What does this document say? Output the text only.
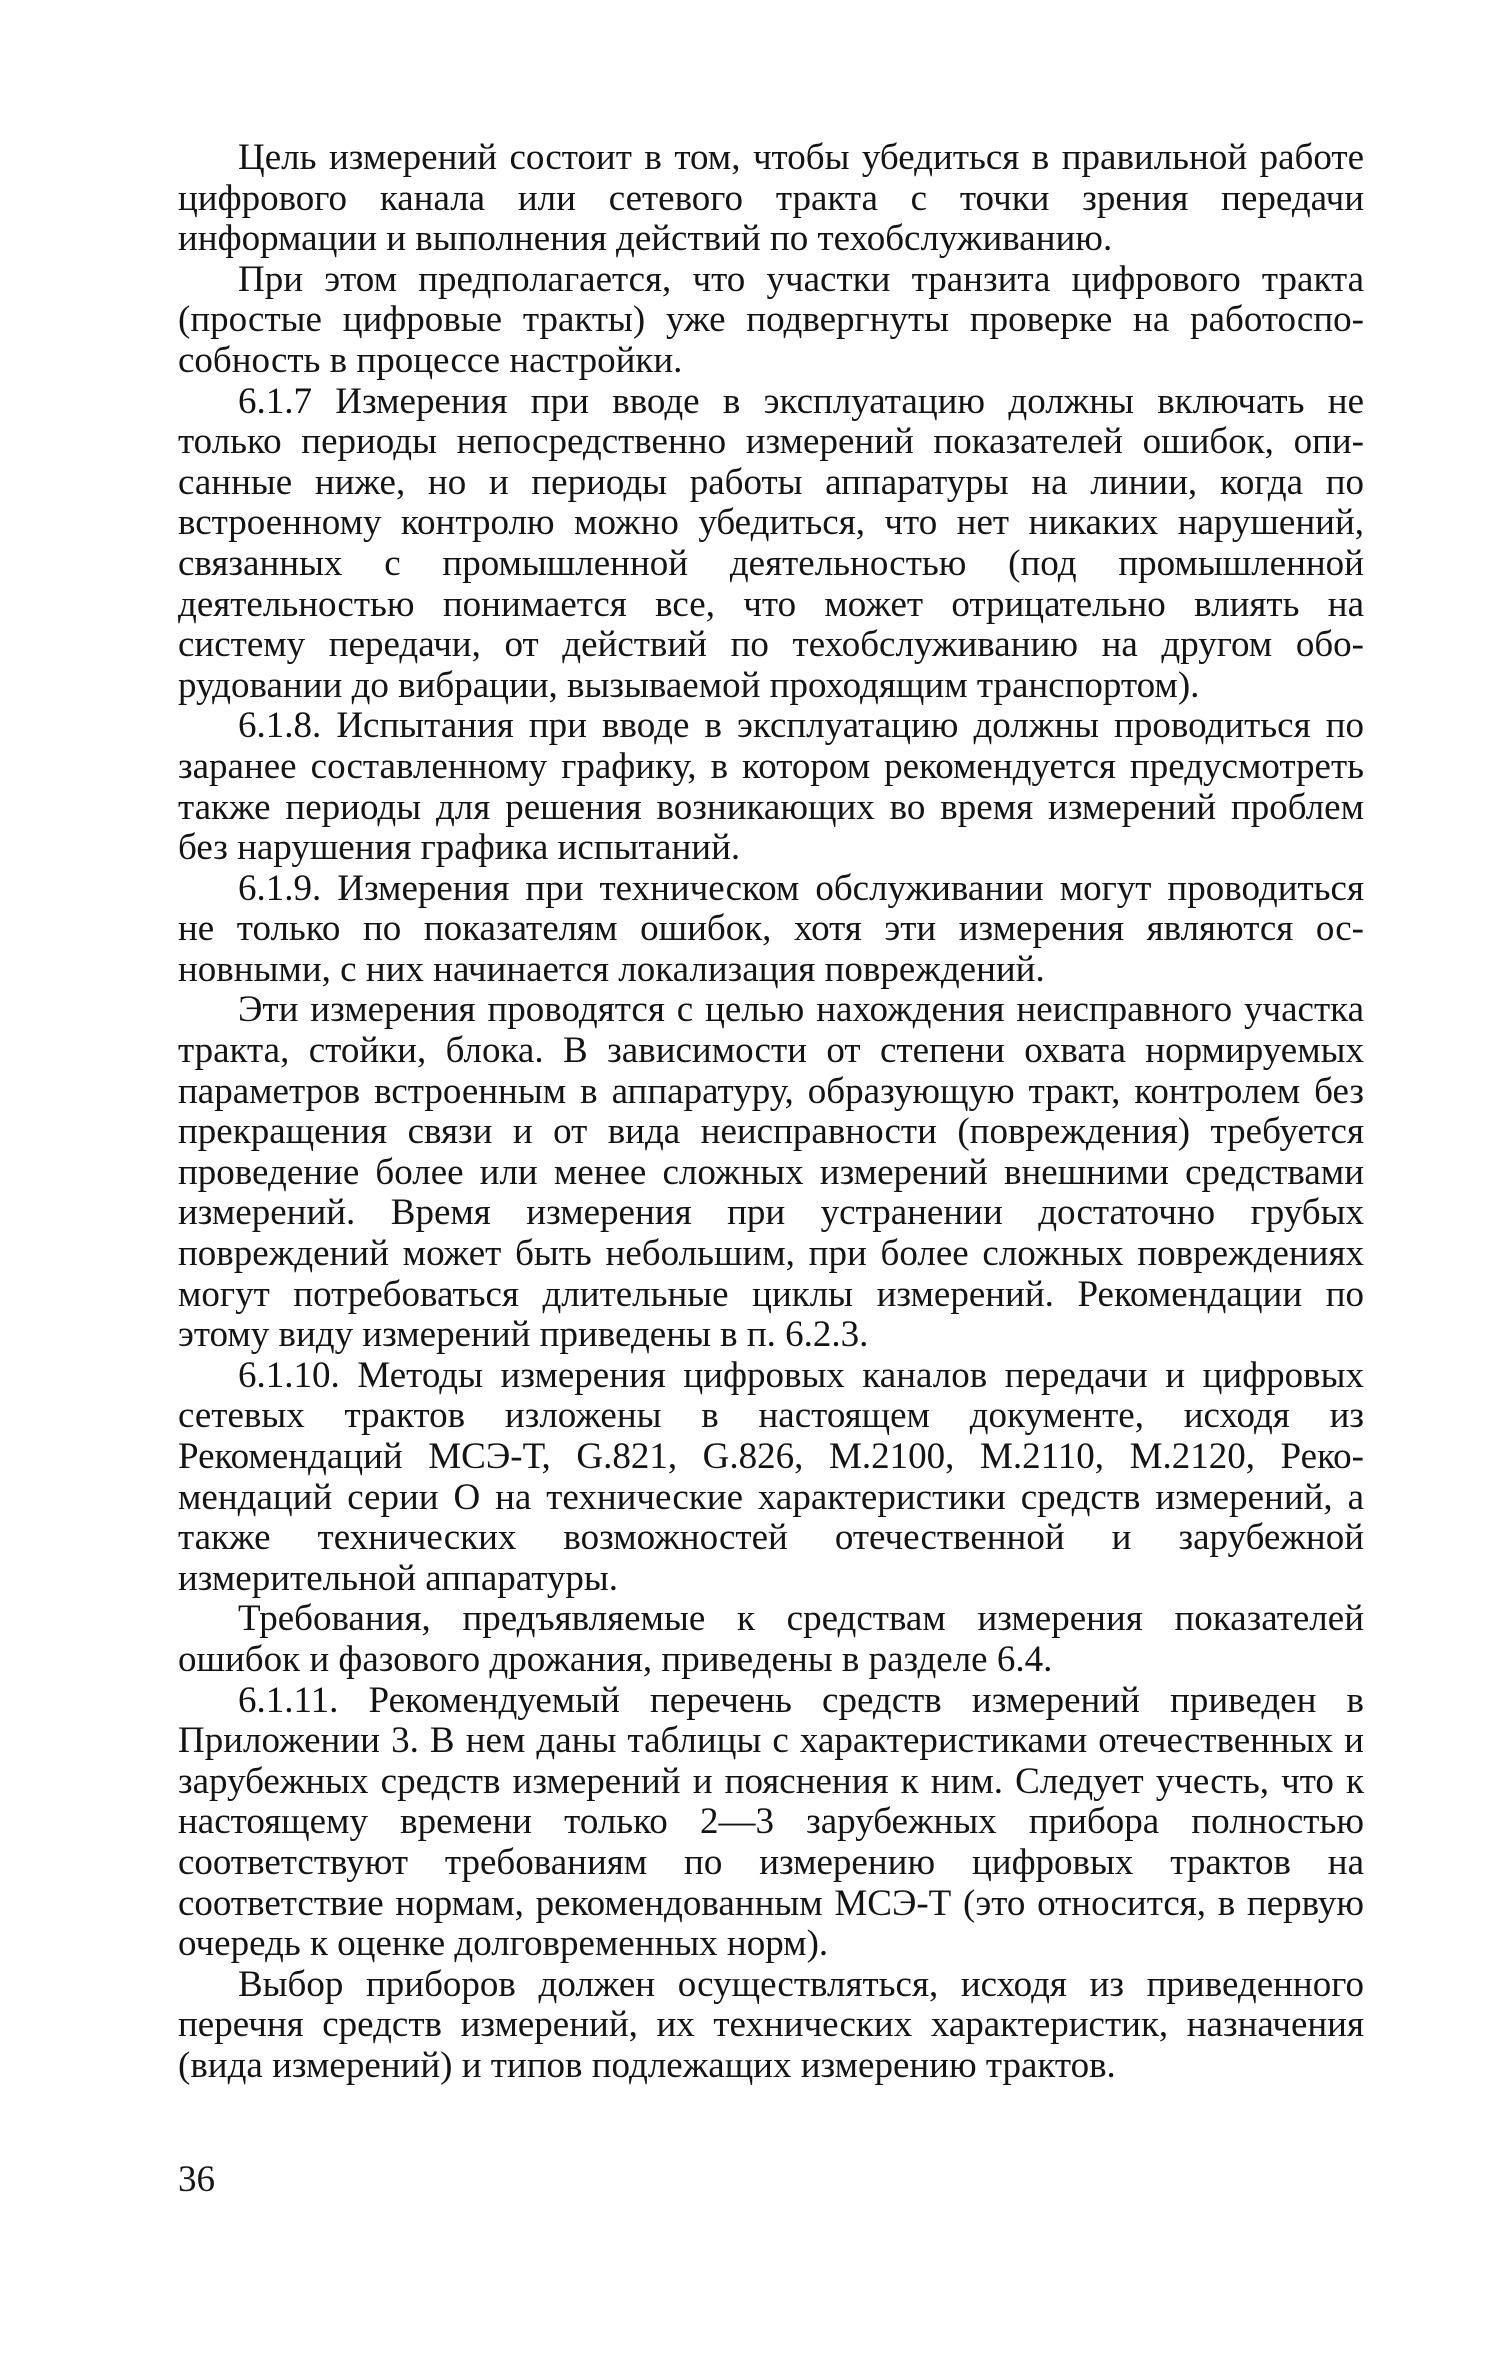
Цель измерений состоит в том, чтобы убедиться в правильной работе цифрового канала или сетевого тракта с точки зрения передачи информации и выполнения действий по техобслуживанию.

При этом предполагается, что участки транзита цифрового тракта (простые цифровые тракты) уже подвергнуты проверке на работоспособность в процессе настройки.

6.1.7 Измерения при вводе в эксплуатацию должны включать не только периоды непосредственно измерений показателей ошибок, описанные ниже, но и периоды работы аппаратуры на линии, когда по встроенному контролю можно убедиться, что нет никаких нарушений, связанных с промышленной деятельностью (под промышленной деятельностью понимается все, что может отрицательно влиять на систему передачи, от действий по техобслуживанию на другом оборудовании до вибрации, вызываемой проходящим транспортом).

6.1.8. Испытания при вводе в эксплуатацию должны проводиться по заранее составленному графику, в котором рекомендуется предусмотреть также периоды для решения возникающих во время измерений проблем без нарушения графика испытаний.

6.1.9. Измерения при техническом обслуживании могут проводиться не только по показателям ошибок, хотя эти измерения являются основными, с них начинается локализация повреждений.

Эти измерения проводятся с целью нахождения неисправного участка тракта, стойки, блока. В зависимости от степени охвата нормируемых параметров встроенным в аппаратуру, образующую тракт, контролем без прекращения связи и от вида неисправности (повреждения) требуется проведение более или менее сложных измерений внешними средствами измерений. Время измерения при устранении достаточно грубых повреждений может быть небольшим, при более сложных повреждениях могут потребоваться длительные циклы измерений. Рекомендации по этому виду измерений приведены в п. 6.2.3.

6.1.10. Методы измерения цифровых каналов передачи и цифровых сетевых трактов изложены в настоящем документе, исходя из Рекомендаций МСЭ-Т, G.821, G.826, М.2100, М.2110, М.2120, Рекомендаций серии О на технические характеристики средств измерений, а также технических возможностей отечественной и зарубежной измерительной аппаратуры.

Требования, предъявляемые к средствам измерения показателей ошибок и фазового дрожания, приведены в разделе 6.4.

6.1.11. Рекомендуемый перечень средств измерений приведен в Приложении 3. В нем даны таблицы с характеристиками отечественных и зарубежных средств измерений и пояснения к ним. Следует учесть, что к настоящему времени только 2—3 зарубежных прибора полностью соответствуют требованиям по измерению цифровых трактов на соответствие нормам, рекомендованным МСЭ-Т (это относится, в первую очередь к оценке долговременных норм).

Выбор приборов должен осуществляться, исходя из приведенного перечня средств измерений, их технических характеристик, назначения (вида измерений) и типов подлежащих измерению трактов.

36
